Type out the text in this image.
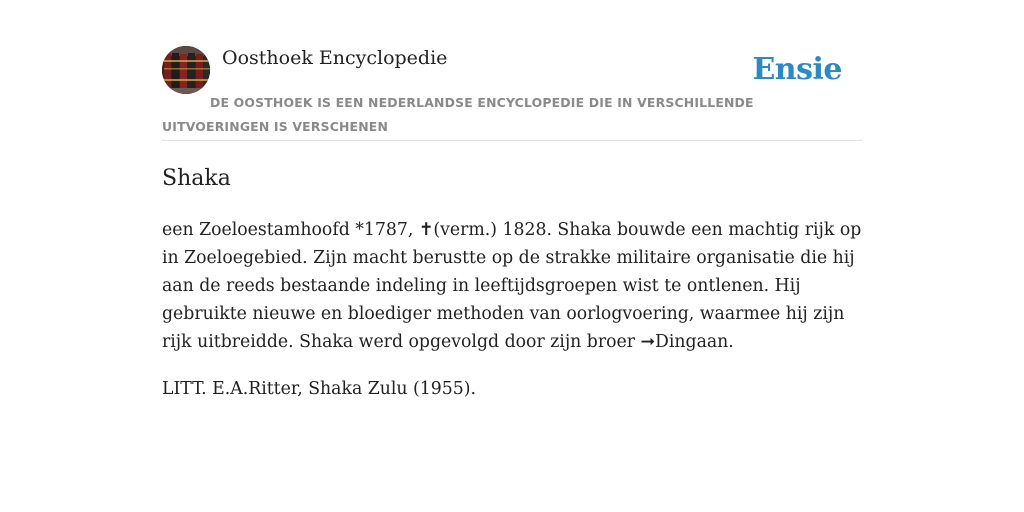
Oosthoek Encyclopedie	Ensie
DE OOSTHOEK IS EEN NEDERLANDSE ENCYCLOPEDIE DIE IN VERSCHILLENDE UITVOERINGEN IS VERSCHENEN
Shaka

een Zoeloestamhoofd *1787, ✝(verm.) 1828. Shaka bouwde een machtig rijk op in Zoeloegebied. Zijn macht berustte op de strakke militaire organisatie die hij aan de reeds bestaande indeling in leeftijdsgroepen wist te ontlenen. Hij gebruikte nieuwe en bloediger methoden van oorlogvoering, waarmee hij zijn rijk uitbreidde. Shaka werd opgevolgd door zijn broer ➞Dingaan.

LITT. E.A.Ritter, Shaka Zulu (1955).
